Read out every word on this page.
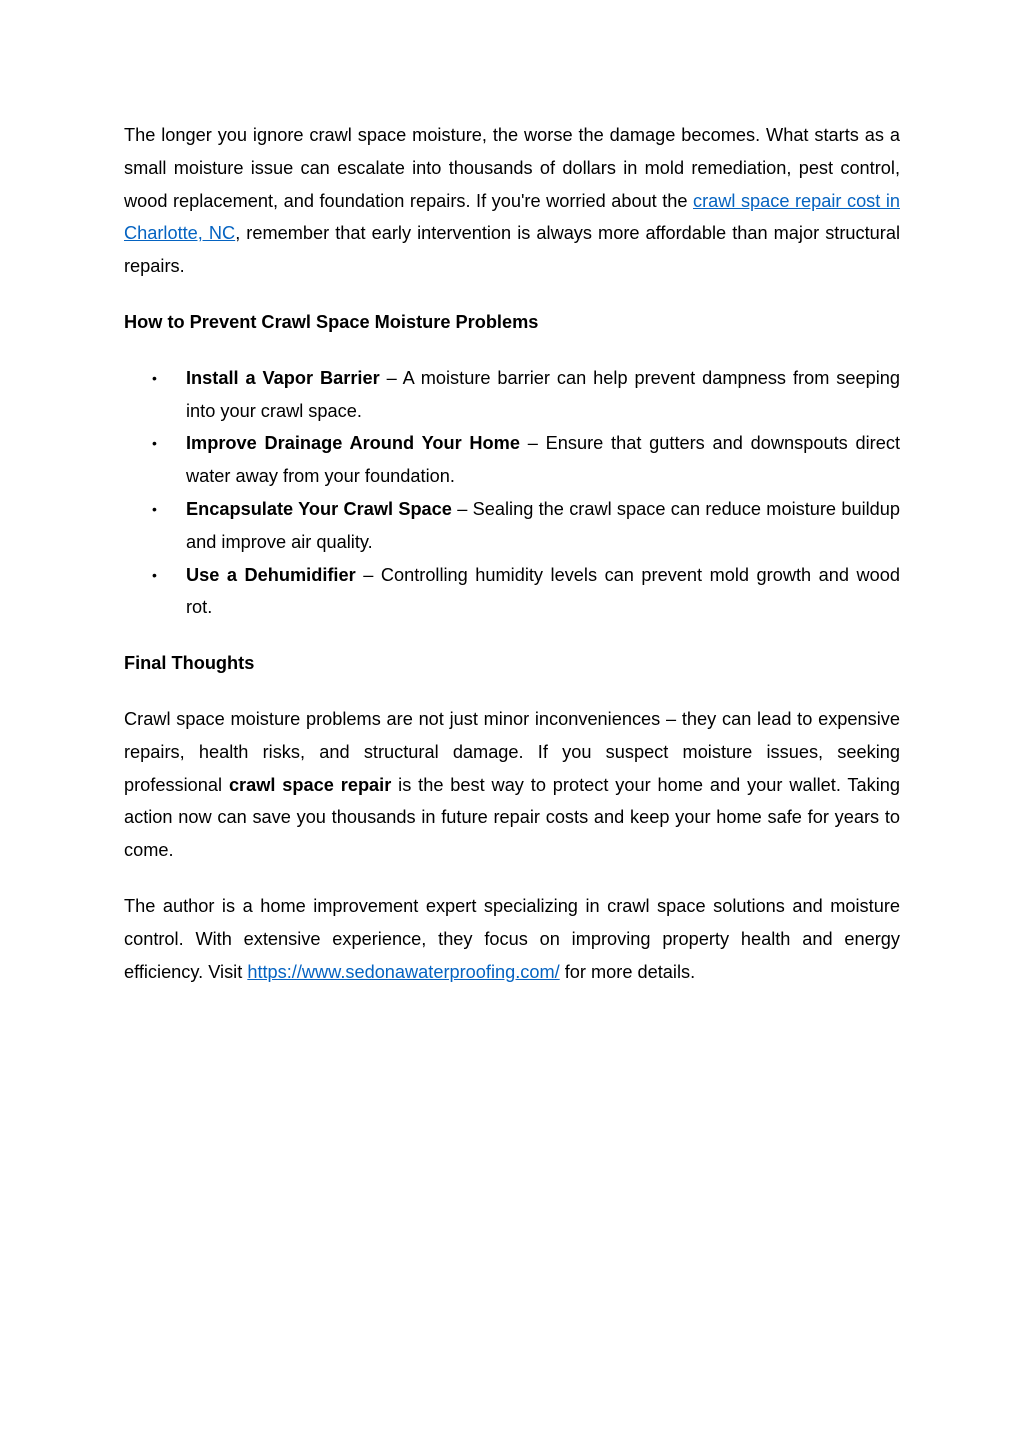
The longer you ignore crawl space moisture, the worse the damage becomes. What starts as a small moisture issue can escalate into thousands of dollars in mold remediation, pest control, wood replacement, and foundation repairs. If you're worried about the crawl space repair cost in Charlotte, NC, remember that early intervention is always more affordable than major structural repairs.

How to Prevent Crawl Space Moisture Problems

• Install a Vapor Barrier – A moisture barrier can help prevent dampness from seeping into your crawl space.
• Improve Drainage Around Your Home – Ensure that gutters and downspouts direct water away from your foundation.
• Encapsulate Your Crawl Space – Sealing the crawl space can reduce moisture buildup and improve air quality.
• Use a Dehumidifier – Controlling humidity levels can prevent mold growth and wood rot.

Final Thoughts

Crawl space moisture problems are not just minor inconveniences – they can lead to expensive repairs, health risks, and structural damage. If you suspect moisture issues, seeking professional crawl space repair is the best way to protect your home and your wallet. Taking action now can save you thousands in future repair costs and keep your home safe for years to come.

The author is a home improvement expert specializing in crawl space solutions and moisture control. With extensive experience, they focus on improving property health and energy efficiency. Visit https://www.sedonawaterproofing.com/ for more details.
